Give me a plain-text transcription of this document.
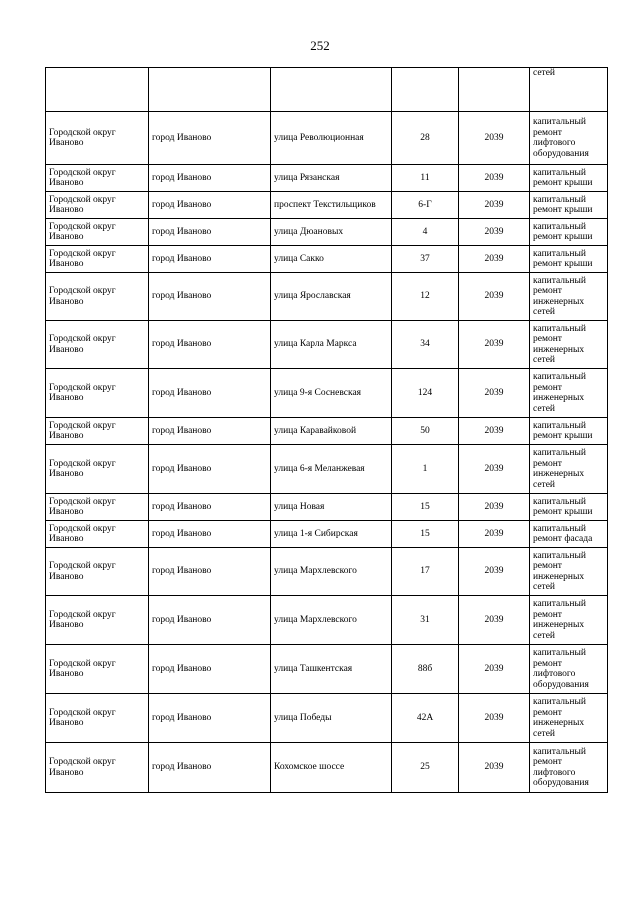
252
					сетей
Городской округ Иваново	город Иваново	улица Революционная	28	2039	капитальный ремонт лифтового оборудования
Городской округ Иваново	город Иваново	улица Рязанская	11	2039	капитальный ремонт крыши
Городской округ Иваново	город Иваново	проспект Текстильщиков	6-Г	2039	капитальный ремонт крыши
Городской округ Иваново	город Иваново	улица Дюановых	4	2039	капитальный ремонт крыши
Городской округ Иваново	город Иваново	улица Сакко	37	2039	капитальный ремонт крыши
Городской округ Иваново	город Иваново	улица Ярославская	12	2039	капитальный ремонт инженерных сетей
Городской округ Иваново	город Иваново	улица Карла Маркса	34	2039	капитальный ремонт инженерных сетей
Городской округ Иваново	город Иваново	улица 9-я Сосневская	124	2039	капитальный ремонт инженерных сетей
Городской округ Иваново	город Иваново	улица Каравайковой	50	2039	капитальный ремонт крыши
Городской округ Иваново	город Иваново	улица 6-я Меланжевая	1	2039	капитальный ремонт инженерных сетей
Городской округ Иваново	город Иваново	улица Новая	15	2039	капитальный ремонт крыши
Городской округ Иваново	город Иваново	улица 1-я Сибирская	15	2039	капитальный ремонт фасада
Городской округ Иваново	город Иваново	улица Мархлевского	17	2039	капитальный ремонт инженерных сетей
Городской округ Иваново	город Иваново	улица Мархлевского	31	2039	капитальный ремонт инженерных сетей
Городской округ Иваново	город Иваново	улица Ташкентская	88б	2039	капитальный ремонт лифтового оборудования
Городской округ Иваново	город Иваново	улица Победы	42А	2039	капитальный ремонт инженерных сетей
Городской округ Иваново	город Иваново	Кохомское шоссе	25	2039	капитальный ремонт лифтового оборудования
